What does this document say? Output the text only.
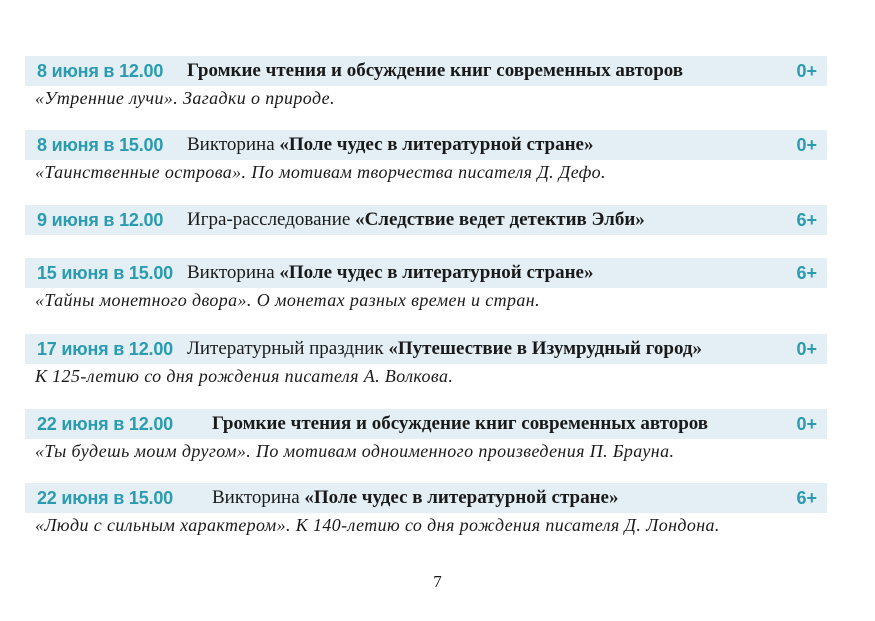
8 июня в 12.00 Громкие чтения и обсуждение книг современных авторов	0+
«Утренние лучи». Загадки о природе.
8 июня в 15.00 Викторина «Поле чудес в литературной стране»	0+
«Таинственные острова». По мотивам творчества писателя Д. Дефо.
9 июня в 12.00 Игра-расследование «Следствие ведет детектив Элби»	6+
15 июня в 15.00 Викторина «Поле чудес в литературной стране»	6+
«Тайны монетного двора». О монетах разных времен и стран.
17 июня в 12.00 Литературный праздник «Путешествие в Изумрудный город»	0+
К 125-летию со дня рождения писателя А. Волкова.
22 июня в 12.00 Громкие чтения и обсуждение книг современных авторов	0+
«Ты будешь моим другом». По мотивам одноименного произведения П. Брауна.
22 июня в 15.00 Викторина «Поле чудес в литературной стране»	6+
«Люди с сильным характером». К 140-летию со дня рождения писателя Д. Лондона.
7
